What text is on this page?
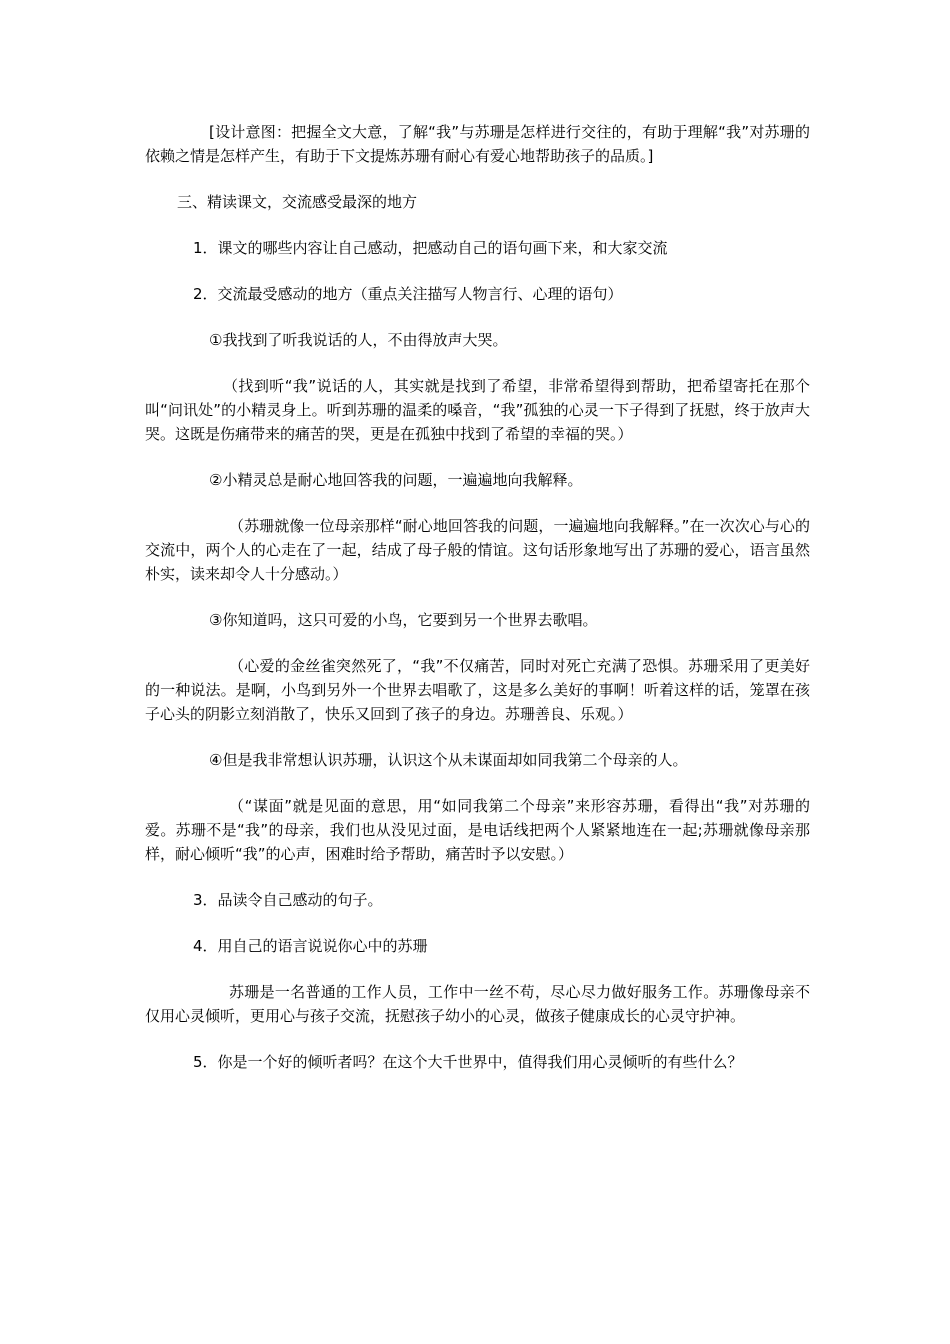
[设计意图：把握全文大意，了解“我”与苏珊是怎样进行交往的，有助于理解“我”对苏珊的依赖之情是怎样产生，有助于下文提炼苏珊有耐心有爱心地帮助孩子的品质。]

三、精读课文，交流感受最深的地方

1．课文的哪些内容让自己感动，把感动自己的语句画下来，和大家交流

2．交流最受感动的地方（重点关注描写人物言行、心理的语句）

①我找到了听我说话的人，不由得放声大哭。

（找到听“我”说话的人，其实就是找到了希望，非常希望得到帮助，把希望寄托在那个叫“问讯处”的小精灵身上。听到苏珊的温柔的嗓音，“我”孤独的心灵一下子得到了抚慰，终于放声大哭。这既是伤痛带来的痛苦的哭，更是在孤独中找到了希望的幸福的哭。）

②小精灵总是耐心地回答我的问题，一遍遍地向我解释。

（苏珊就像一位母亲那样“耐心地回答我的问题，一遍遍地向我解释。”在一次次心与心的交流中，两个人的心走在了一起，结成了母子般的情谊。这句话形象地写出了苏珊的爱心，语言虽然朴实，读来却令人十分感动。）

③你知道吗，这只可爱的小鸟，它要到另一个世界去歌唱。

（心爱的金丝雀突然死了，“我”不仅痛苦，同时对死亡充满了恐惧。苏珊采用了更美好的一种说法。是啊，小鸟到另外一个世界去唱歌了，这是多么美好的事啊！听着这样的话，笼罩在孩子心头的阴影立刻消散了，快乐又回到了孩子的身边。苏珊善良、乐观。）

④但是我非常想认识苏珊，认识这个从未谋面却如同我第二个母亲的人。

（“谋面”就是见面的意思，用“如同我第二个母亲”来形容苏珊，看得出“我”对苏珊的爱。苏珊不是“我”的母亲，我们也从没见过面，是电话线把两个人紧紧地连在一起;苏珊就像母亲那样，耐心倾听“我”的心声，困难时给予帮助，痛苦时予以安慰。）

3．品读令自己感动的句子。

4．用自己的语言说说你心中的苏珊

苏珊是一名普通的工作人员，工作中一丝不苟，尽心尽力做好服务工作。苏珊像母亲不仅用心灵倾听，更用心与孩子交流，抚慰孩子幼小的心灵，做孩子健康成长的心灵守护神。

5．你是一个好的倾听者吗？在这个大千世界中，值得我们用心灵倾听的有些什么？
